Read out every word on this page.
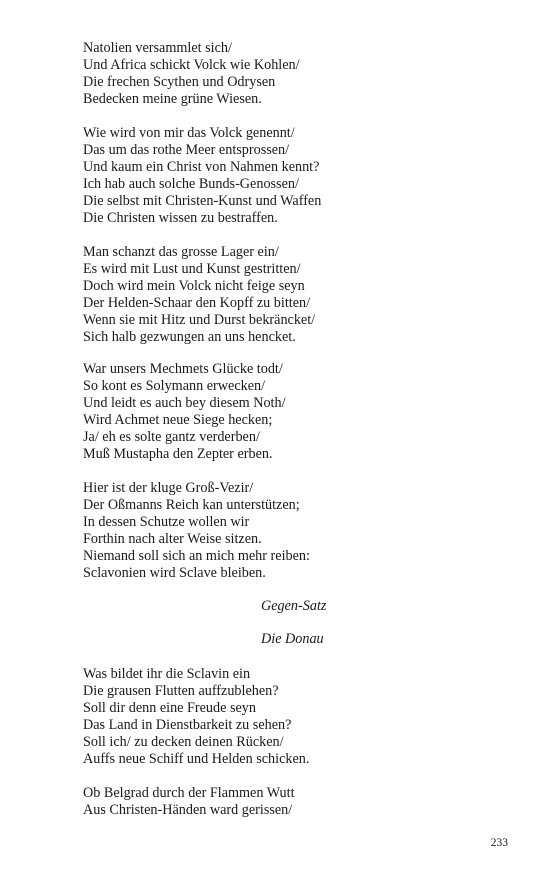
Natolien versammlet sich/
Und Africa schickt Volck wie Kohlen/
Die frechen Scythen und Odrysen
Bedecken meine grüne Wiesen.
Wie wird von mir das Volck genennt/
Das um das rothe Meer entsprossen/
Und kaum ein Christ von Nahmen kennt?
Ich hab auch solche Bunds-Genossen/
Die selbst mit Christen-Kunst und Waffen
Die Christen wissen zu bestraffen.
Man schanzt das grosse Lager ein/
Es wird mit Lust und Kunst gestritten/
Doch wird mein Volck nicht feige seyn
Der Helden-Schaar den Kopff zu bitten/
Wenn sie mit Hitz und Durst bekräncket/
Sich halb gezwungen an uns hencket.
War unsers Mechmets Glücke todt/
So kont es Solymann erwecken/
Und leidt es auch bey diesem Noth/
Wird Achmet neue Siege hecken;
Ja/ eh es solte gantz verderben/
Muß Mustapha den Zepter erben.
Hier ist der kluge Groß-Vezir/
Der Oßmanns Reich kan unterstützen;
In dessen Schutze wollen wir
Forthin nach alter Weise sitzen.
Niemand soll sich an mich mehr reiben:
Sclavonien wird Sclave bleiben.
Gegen-Satz
Die Donau
Was bildet ihr die Sclavin ein
Die grausen Flutten auffzublehen?
Soll dir denn eine Freude seyn
Das Land in Dienstbarkeit zu sehen?
Soll ich/ zu decken deinen Rücken/
Auffs neue Schiff und Helden schicken.
Ob Belgrad durch der Flammen Wutt
Aus Christen-Händen ward gerissen/
233
